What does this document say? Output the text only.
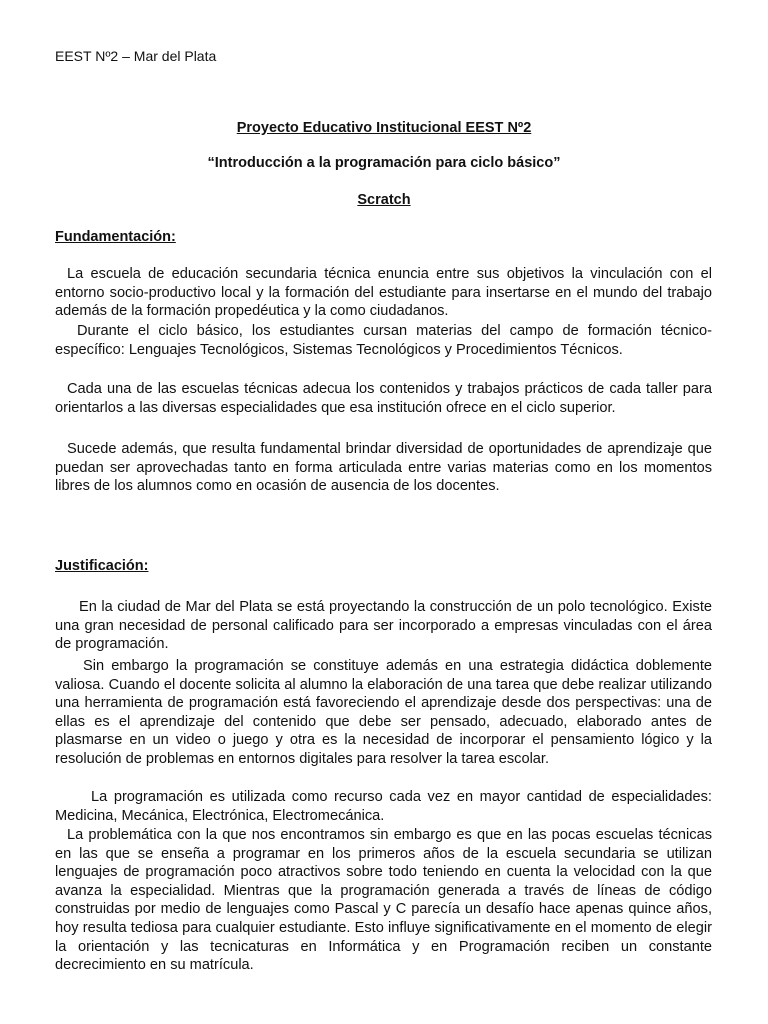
EEST Nº2 – Mar del Plata
Proyecto Educativo Institucional EEST Nº2
“Introducción a la programación para ciclo básico”
Scratch
Fundamentación:

La escuela de educación secundaria técnica enuncia entre sus objetivos la vinculación con el entorno socio-productivo local y la formación del estudiante para insertarse en el mundo del trabajo además de la formación propedéutica y la como ciudadanos.

Durante el ciclo básico, los estudiantes cursan materias del campo de formación técnico-específico: Lenguajes Tecnológicos, Sistemas Tecnológicos y Procedimientos Técnicos.

Cada una de las escuelas técnicas adecua los contenidos y trabajos prácticos de cada taller para orientarlos a las diversas especialidades que esa institución ofrece en el ciclo superior.

Sucede además, que resulta fundamental brindar diversidad de oportunidades de aprendizaje que puedan ser aprovechadas tanto en forma articulada entre varias materias como en los momentos libres de los alumnos como en ocasión de ausencia de los docentes.

Justificación:

En la ciudad de Mar del Plata se está proyectando la construcción de un polo tecnológico. Existe una gran necesidad de personal calificado para ser incorporado a empresas vinculadas con el área de programación.

Sin embargo la programación se constituye además en una estrategia didáctica doblemente valiosa. Cuando el docente solicita al alumno la elaboración de una tarea que debe realizar utilizando una herramienta de programación está favoreciendo el aprendizaje desde dos perspectivas: una de ellas es el aprendizaje del contenido que debe ser pensado, adecuado, elaborado antes de plasmarse en un video o juego y otra es la necesidad de incorporar el pensamiento lógico y la resolución de problemas en entornos digitales para resolver la tarea escolar.

La programación es utilizada como recurso cada vez en mayor cantidad de especialidades: Medicina, Mecánica, Electrónica, Electromecánica.

La problemática con la que nos encontramos sin embargo es que en las pocas escuelas técnicas en las que se enseña a programar en los primeros años de la escuela secundaria se utilizan lenguajes de programación poco atractivos sobre todo teniendo en cuenta la velocidad con la que avanza la especialidad. Mientras que la programación generada a través de líneas de código construidas por medio de lenguajes como Pascal y C parecía un desafío hace apenas quince años, hoy resulta tediosa para cualquier estudiante. Esto influye significativamente en el momento de elegir la orientación y las tecnicaturas en Informática y en Programación reciben un constante decrecimiento en su matrícula.
